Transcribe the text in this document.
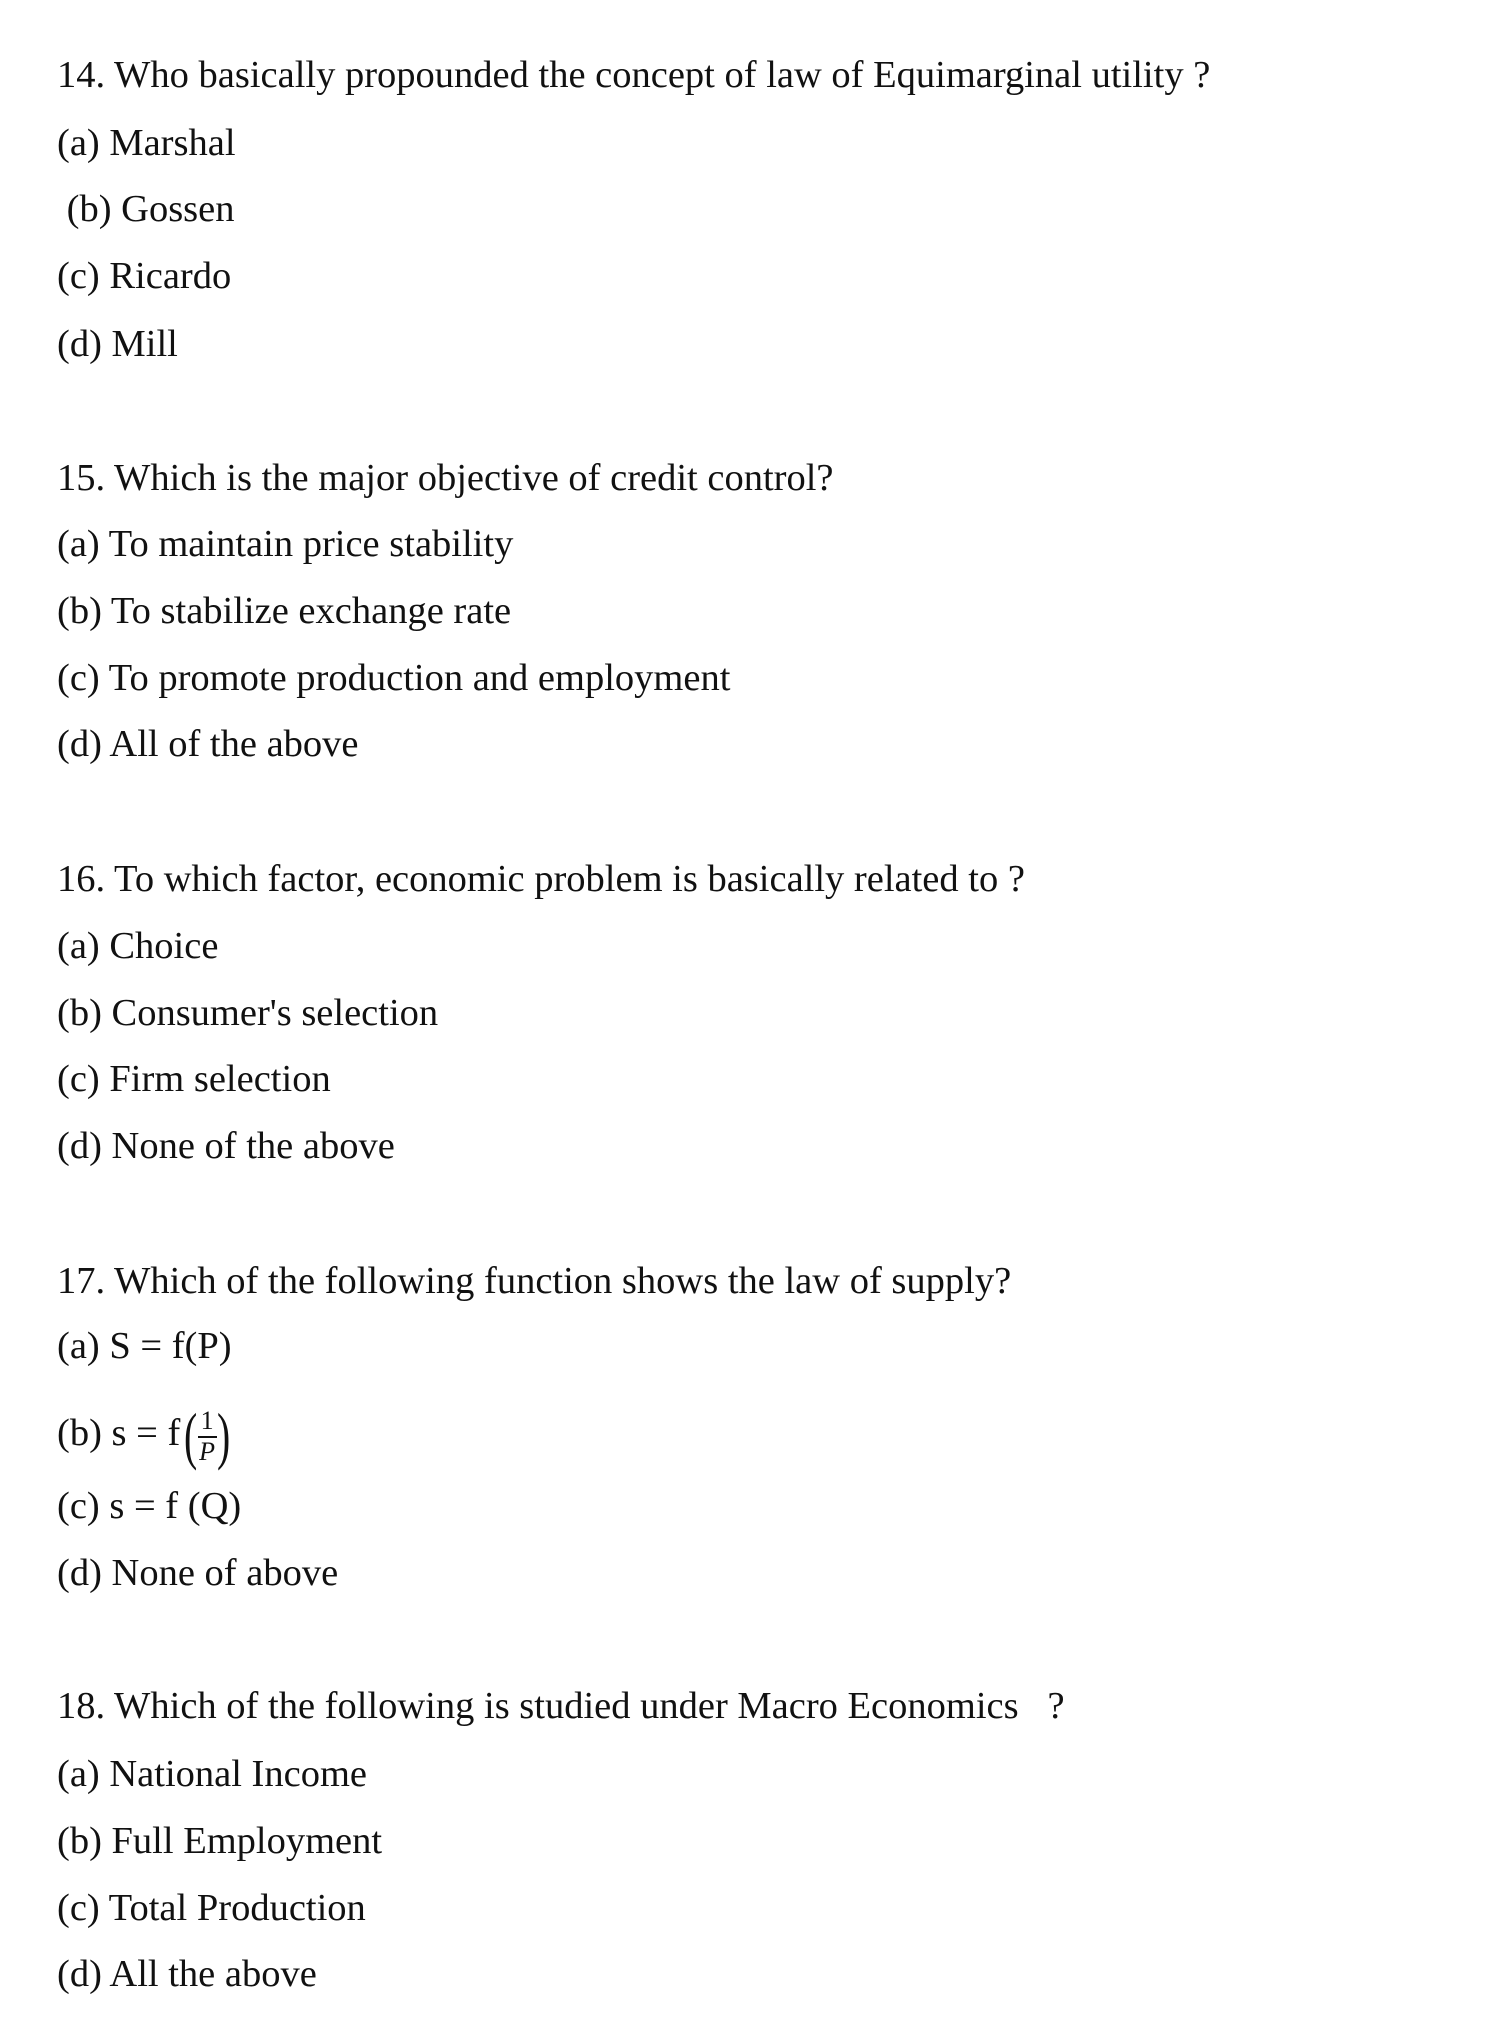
14. Who basically propounded the concept of law of Equimarginal utility ?
(a) Marshal
(b) Gossen
(c) Ricardo
(d) Mill
15. Which is the major objective of credit control?
(a) To maintain price stability
(b) To stabilize exchange rate
(c) To promote production and employment
(d) All of the above
16. To which factor, economic problem is basically related to ?
(a) Choice
(b) Consumer's selection
(c) Firm selection
(d) None of the above
17. Which of the following function shows the law of supply?
(a) S = f(P)
(b) $s = f( \frac{1}{P}$ )
(c) s = f (Q)
(d) None of above
18. Which of the following is studied under Macro Economics   ?
(a) National Income
(b) Full Employment
(c) Total Production
(d) All the above
